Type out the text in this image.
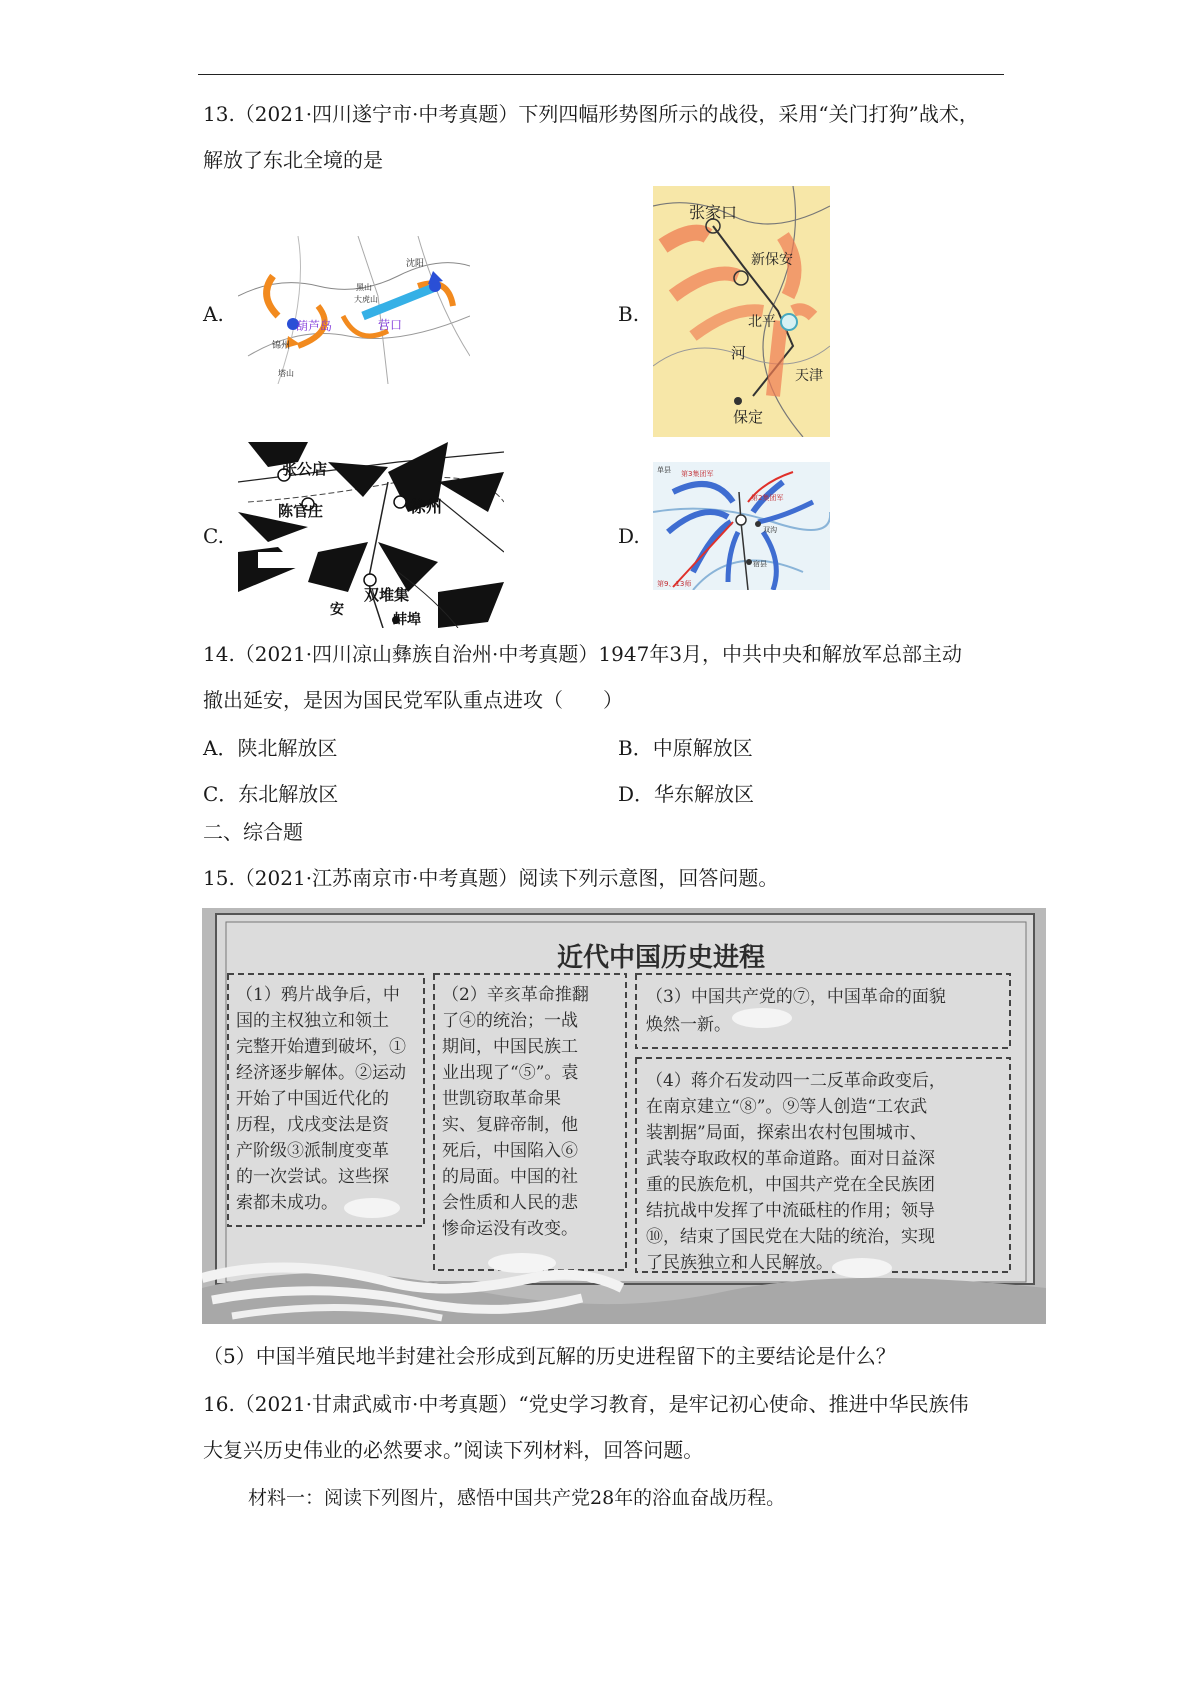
13.（2021·四川遂宁市·中考真题）下列四幅形势图所示的战役，采用“关门打狗”战术，
解放了东北全境的是
A.
沈阳
锦州
葫芦岛
塔山
黑山
大虎山
营口	B.
张家口
新保安
北平
天津
保定
河
C.
张公店
陈官庄	徐州
双堆集
蚌埠
安
D.
单县 第3集团军
第2集团军
双沟
宿县
第9、13师
14.（2021·四川凉山彝族自治州·中考真题）1947年3月，中共中央和解放军总部主动
撤出延安，是因为国民党军队重点进攻（　　）
A．陕北解放区	B．中原解放区
C．东北解放区	D．华东解放区
二、综合题
15.（2021·江苏南京市·中考真题）阅读下列示意图，回答问题。
近代中国历史进程
（1）鸦片战争后，中
国的主权独立和领土
完整开始遭到破坏，①
经济逐步解体。②运动
开始了中国近代化的
历程，戊戌变法是资
产阶级③派制度变革
的一次尝试。这些探
索都未成功。
（2）辛亥革命推翻
了④的统治；一战
期间，中国民族工
业出现了“⑤”。袁
世凯窃取革命果
实、复辟帝制，他
死后，中国陷入⑥
的局面。中国的社
会性质和人民的悲
惨命运没有改变。
（3）中国共产党的⑦，中国革命的面貌
焕然一新。
（4）蒋介石发动四一二反革命政变后，
在南京建立“⑧”。⑨等人创造“工农武
装割据”局面，探索出农村包围城市、
武装夺取政权的革命道路。面对日益深
重的民族危机，中国共产党在全民族团
结抗战中发挥了中流砥柱的作用；领导
⑩，结束了国民党在大陆的统治，实现
了民族独立和人民解放。
（5）中国半殖民地半封建社会形成到瓦解的历史进程留下的主要结论是什么？
16.（2021·甘肃武威市·中考真题）“党史学习教育，是牢记初心使命、推进中华民族伟
大复兴历史伟业的必然要求。”阅读下列材料，回答问题。
材料一：阅读下列图片，感悟中国共产党28年的浴血奋战历程。
